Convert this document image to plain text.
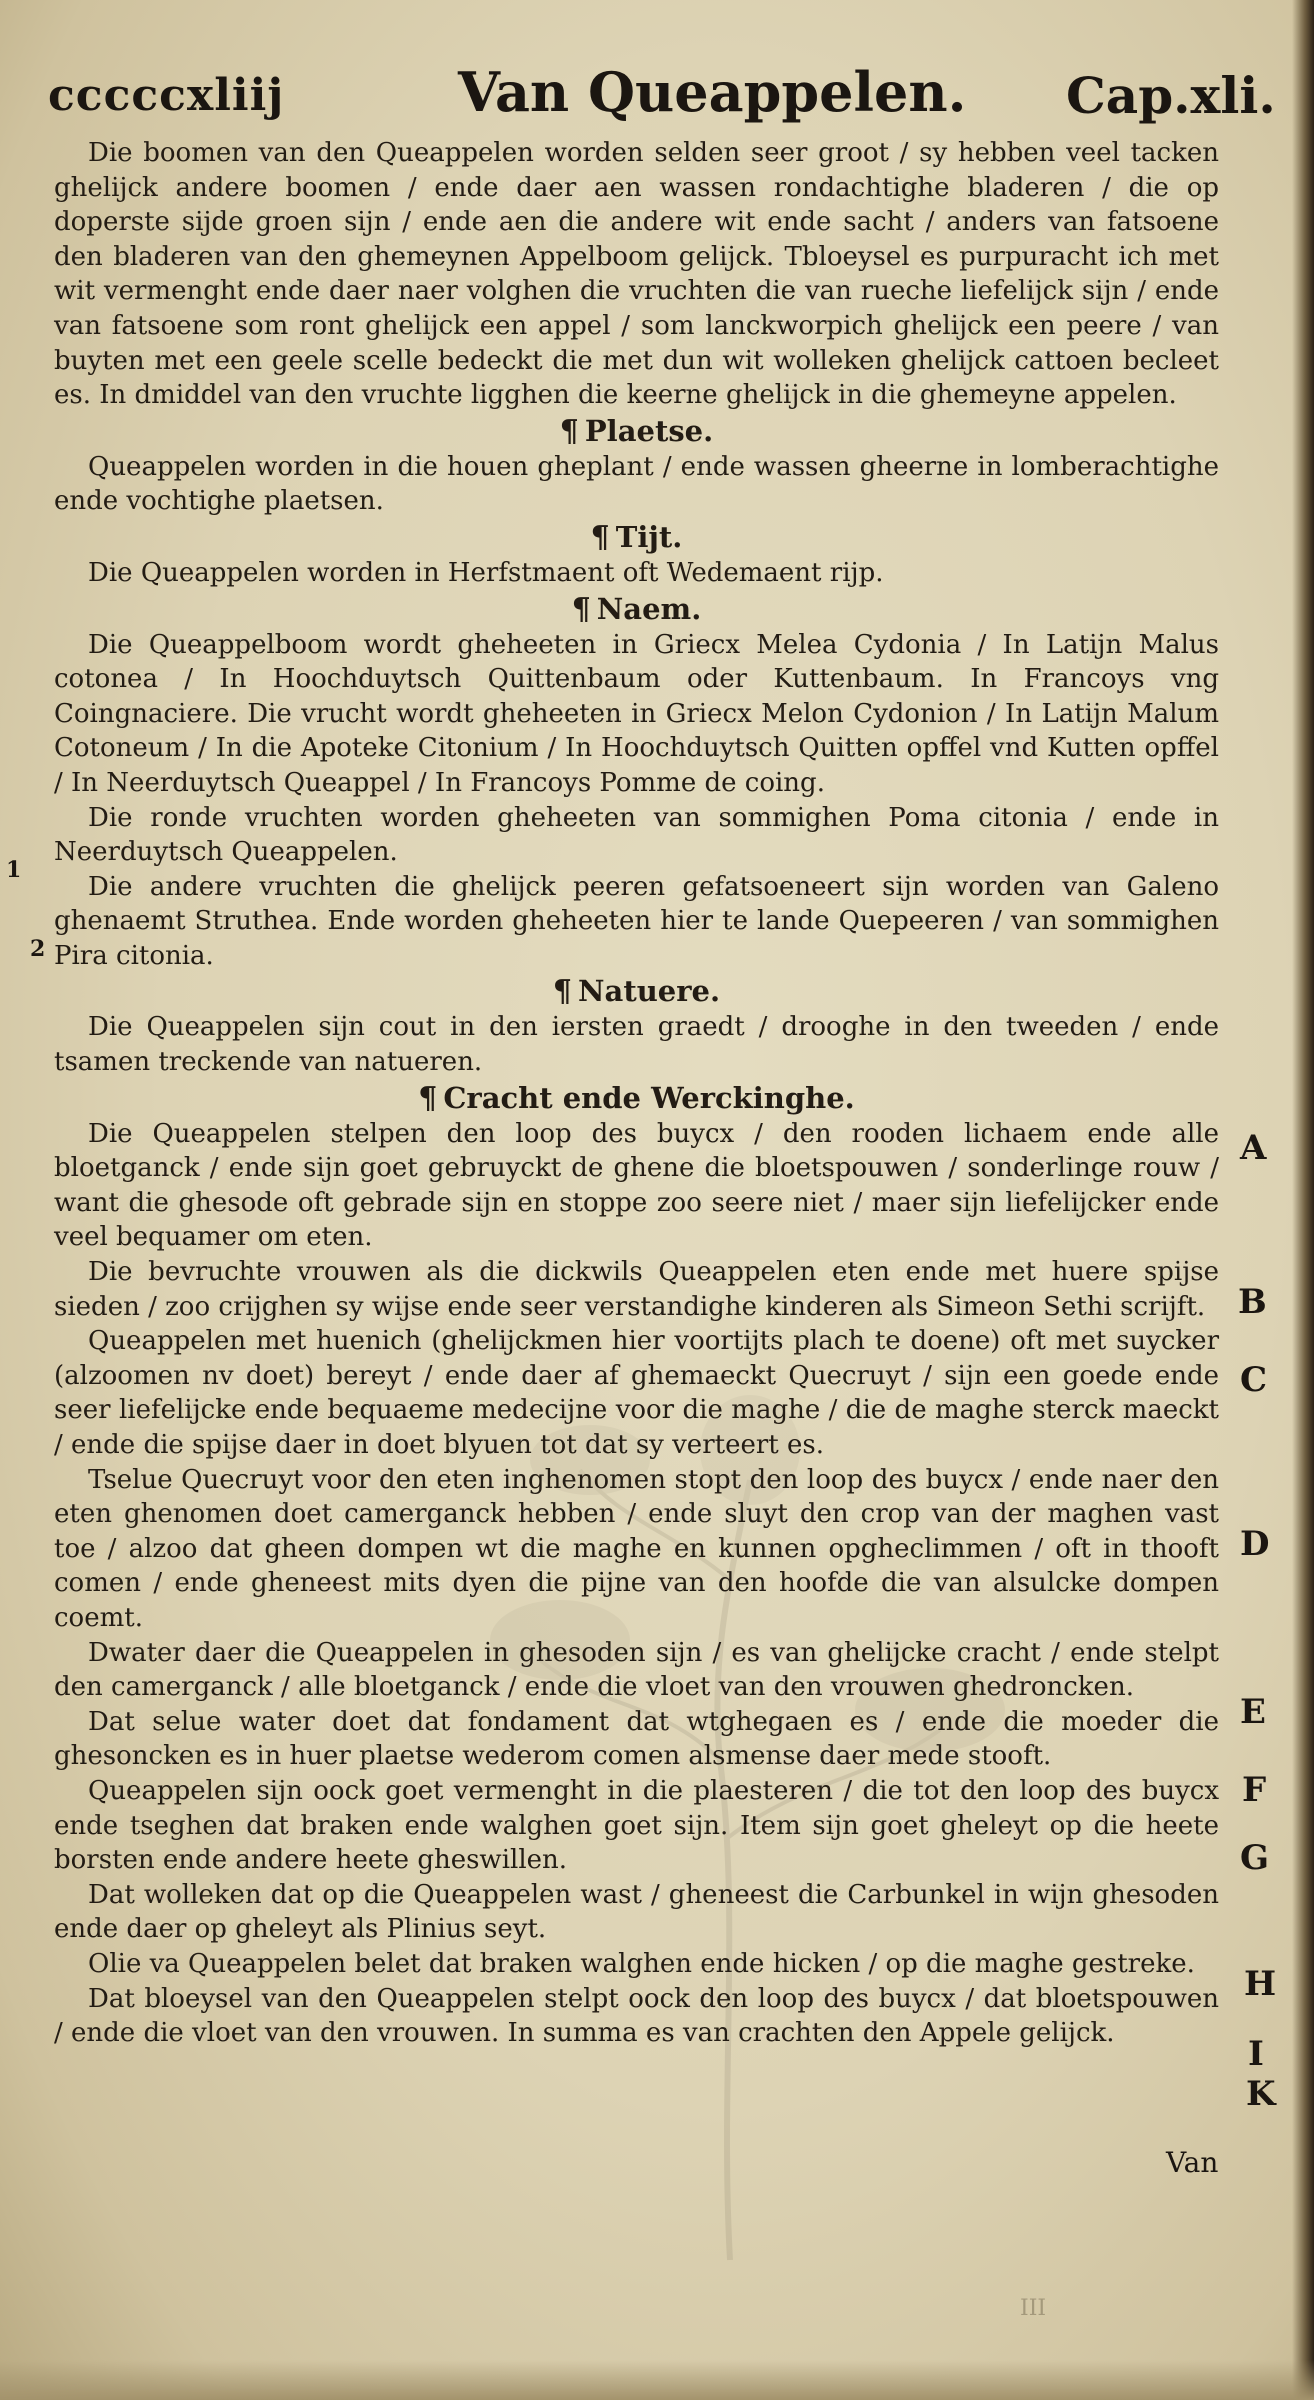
cccccxliij	Van Queappelen. Cap.xli.

Die boomen van den Queappelen worden selden seer groot / sy hebben veel tacken ghelijck andere boomen / ende daer aen wassen rondachtighe bladeren / die op doperste sijde groen sijn / ende aen die andere wit ende sacht / anders van fatsoene den bladeren van den ghemeynen Appelboom gelijck. Tbloeysel es purpuracht ich met wit vermenght ende daer naer volghen die vruchten die van rueche liefelijck sijn / ende van fatsoene som ront ghelijck een appel / som lanckworpich ghelijck een peere / van buyten met een geele scelle bedeckt die met dun wit wolleken ghelijck cattoen becleet es. In dmiddel van den vruchte ligghen die keerne ghelijck in die ghemeyne appelen.

¶ Plaetse.

Queappelen worden in die houen gheplant / ende wassen gheerne in lomberachtighe ende vochtighe plaetsen.

¶ Tijt.

Die Queappelen worden in Herfstmaent oft Wedemaent rijp.

¶ Naem.

Die Queappelboom wordt gheheeten in Griecx Melea Cydonia / In Latijn Malus cotonea / In Hoochduytsch Quittenbaum oder Kuttenbaum. In Francoys vng Coingnaciere. Die vrucht wordt gheheeten in Griecx Melon Cydonion / In Latijn Malum Cotoneum / In die Apoteke Citonium / In Hoochduytsch Quitten opffel vnd Kutten opffel / In Neerduytsch Queappel / In Francoys Pomme de coing.

Die ronde vruchten worden gheheeten van sommighen Poma citonia / ende in Neerduytsch Queappelen.

Die andere vruchten die ghelijck peeren gefatsoeneert sijn worden van Galeno ghenaemt Struthea. Ende worden gheheeten hier te lande Quepeeren / van sommighen Pira citonia.

¶ Natuere.

Die Queappelen sijn cout in den iersten graedt / drooghe in den tweeden / ende tsamen treckende van natueren.

¶ Cracht ende Werckinghe.

Die Queappelen stelpen den loop des buycx / den rooden lichaem ende alle bloetganck / ende sijn goet gebruyckt de ghene die bloetspouwen / sonderlinge rouw / want die ghesode oft gebrade sijn en stoppe zoo seere niet / maer sijn liefelijcker ende veel bequamer om eten.

Die bevruchte vrouwen als die dickwils Queappelen eten ende met huere spijse sieden / zoo crijghen sy wijse ende seer verstandighe kinderen als Simeon Sethi scrijft.

Queappelen met huenich (ghelijckmen hier voortijts plach te doene) oft met suycker (alzoomen nv doet) bereyt / ende daer af ghemaeckt Quecruyt / sijn een goede ende seer liefelijcke ende bequaeme medecijne voor die maghe / die de maghe sterck maeckt / ende die spijse daer in doet blyuen tot dat sy verteert es.

Tselue Quecruyt voor den eten inghenomen stopt den loop des buycx / ende naer den eten ghenomen doet camerganck hebben / ende sluyt den crop van der maghen vast toe / alzoo dat gheen dompen wt die maghe en kunnen opgheclimmen / oft in thooft comen / ende gheneest mits dyen die pijne van den hoofde die van alsulcke dompen coemt.

Dwater daer die Queappelen in ghesoden sijn / es van ghelijcke cracht / ende stelpt den camerganck / alle bloetganck / ende die vloet van den vrouwen ghedroncken.

Dat selue water doet dat fondament dat wtghegaen es / ende die moeder die ghesoncken es in huer plaetse wederom comen alsmense daer mede stooft.

Queappelen sijn oock goet vermenght in die plaesteren / die tot den loop des buycx ende tseghen dat braken ende walghen goet sijn. Item sijn goet gheleyt op die heete borsten ende andere heete gheswillen.

Dat wolleken dat op die Queappelen wast / gheneest die Carbunkel in wijn ghesoden ende daer op gheleyt als Plinius seyt.

Olie va Queappelen belet dat braken walghen ende hicken / op die maghe gestreke.

Dat bloeysel van den Queappelen stelpt oock den loop des buycx / dat bloetspouwen / ende die vloet van den vrouwen. In summa es van crachten den Appele gelijck.

1
2
A
B
C
D
E
F
G
H
I
K
Van
III
